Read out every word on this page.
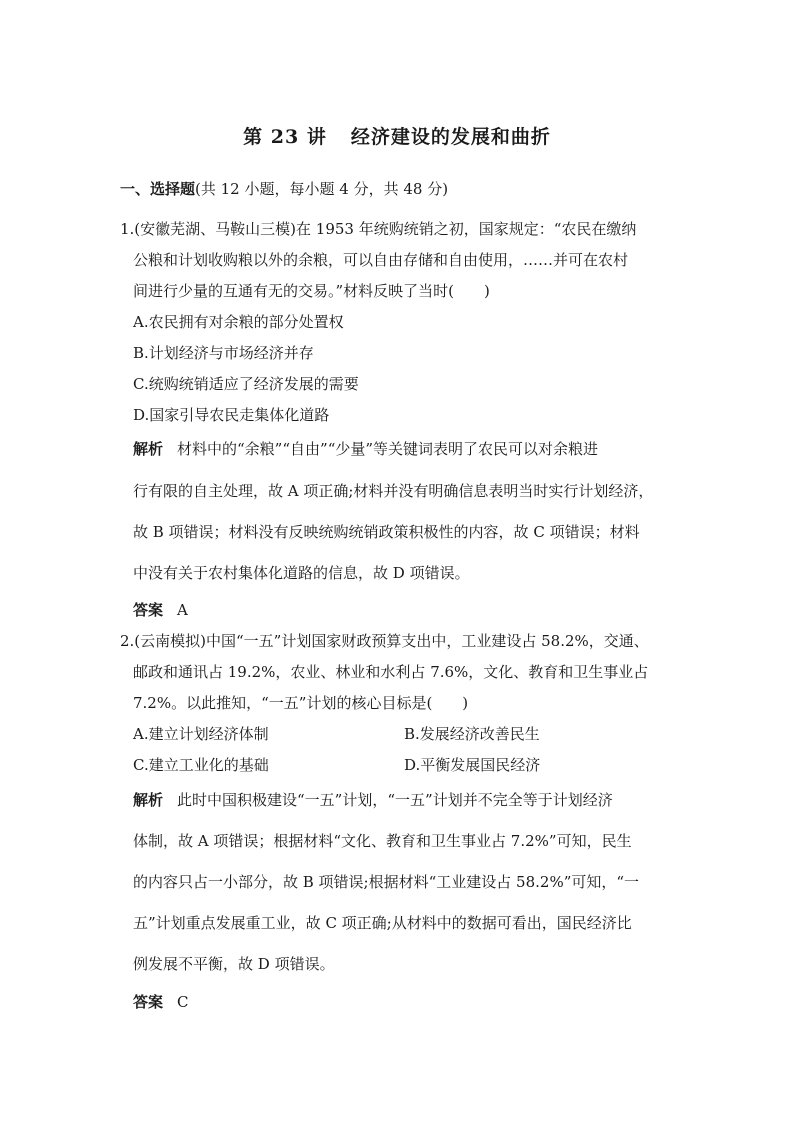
第 23 讲 经济建设的发展和曲折
一、选择题(共 12 小题，每小题 4 分，共 48 分)
1.(安徽芜湖、马鞍山三模)在 1953 年统购统销之初，国家规定：“农民在缴纳
公粮和计划收购粮以外的余粮，可以自由存储和自由使用，……并可在农村
间进行少量的互通有无的交易。”材料反映了当时(　　)
A.农民拥有对余粮的部分处置权
B.计划经济与市场经济并存
C.统购统销适应了经济发展的需要
D.国家引导农民走集体化道路
解析 材料中的“余粮”“自由”“少量”等关键词表明了农民可以对余粮进
行有限的自主处理，故 A 项正确;材料并没有明确信息表明当时实行计划经济，
故 B 项错误；材料没有反映统购统销政策积极性的内容，故 C 项错误；材料
中没有关于农村集体化道路的信息，故 D 项错误。
答案 A
2.(云南模拟)中国“一五”计划国家财政预算支出中，工业建设占 58.2%，交通、
邮政和通讯占 19.2%，农业、林业和水利占 7.6%，文化、教育和卫生事业占
7.2%。以此推知，“一五”计划的核心目标是(　　)
A.建立计划经济体制	B.发展经济改善民生
C.建立工业化的基础	D.平衡发展国民经济
解析 此时中国积极建设“一五”计划，“一五”计划并不完全等于计划经济
体制，故 A 项错误；根据材料“文化、教育和卫生事业占 7.2%”可知，民生
的内容只占一小部分，故 B 项错误;根据材料“工业建设占 58.2%”可知，“一
五”计划重点发展重工业，故 C 项正确;从材料中的数据可看出，国民经济比
例发展不平衡，故 D 项错误。
答案 C
